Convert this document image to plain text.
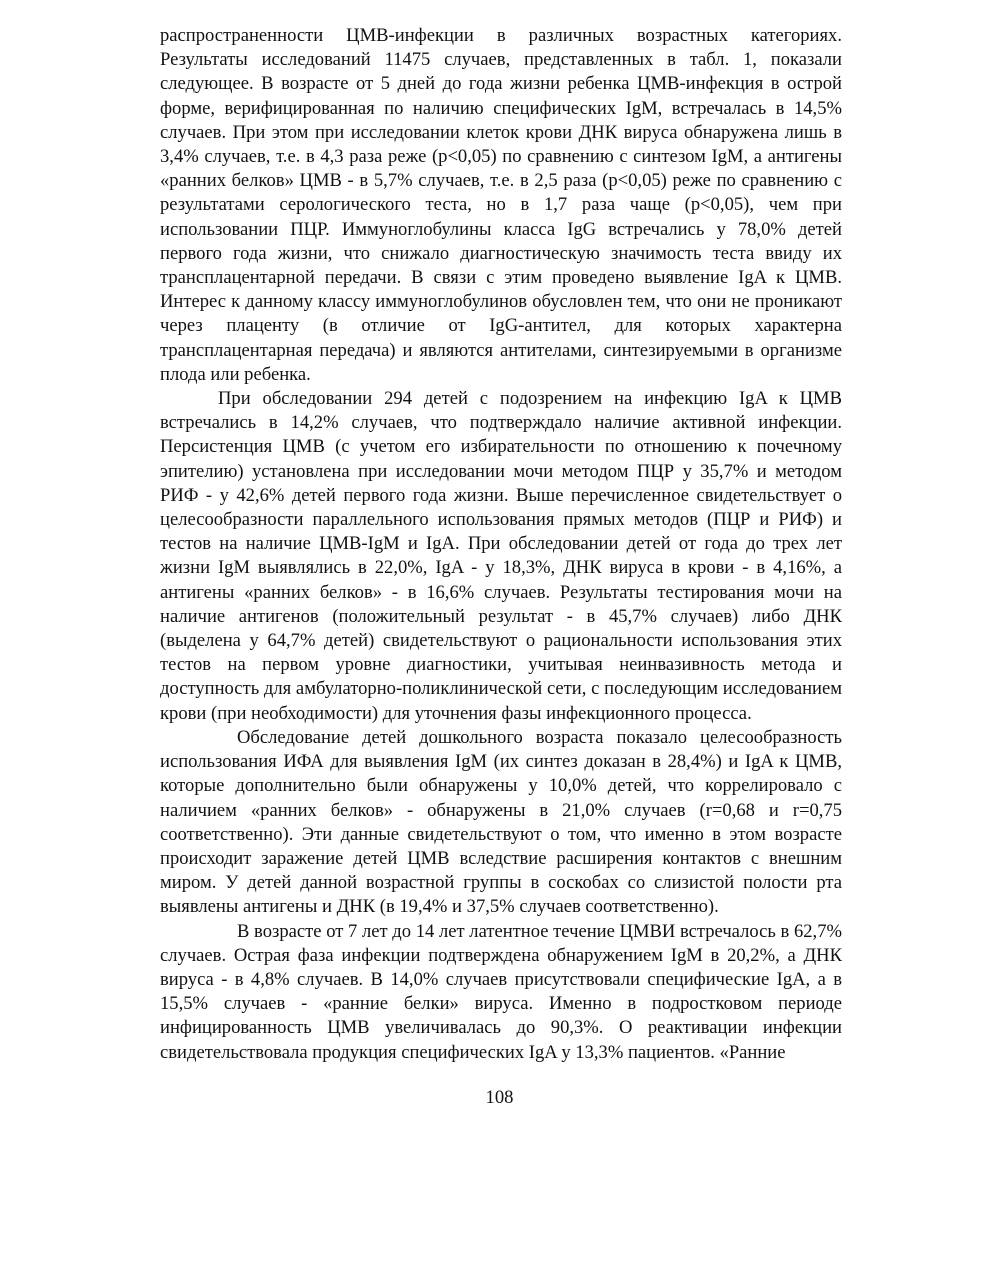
распространенности ЦМВ-инфекции в различных возрастных категориях. Результаты исследований 11475 случаев, представленных в табл. 1, показали следующее. В возрасте от 5 дней до года жизни ребенка ЦМВ-инфекция в острой форме, верифицированная по наличию специфических IgM, встречалась в 14,5% случаев. При этом при исследовании клеток крови ДНК вируса обнаружена лишь в 3,4% случаев, т.е. в 4,3 раза реже (р<0,05) по сравнению с синтезом IgM, а антигены «ранних белков» ЦМВ - в 5,7% случаев, т.е. в 2,5 раза (р<0,05) реже по сравнению с результатами серологического теста, но в 1,7 раза чаще (р<0,05), чем при использовании ПЦР. Иммуноглобулины класса IgG встречались у 78,0% детей первого года жизни, что снижало диагностическую значимость теста ввиду их трансплацентарной передачи. В связи с этим проведено выявление IgA к ЦМВ. Интерес к данному классу иммуноглобулинов обусловлен тем, что они не проникают через плаценту (в отличие от IgG-антител, для которых характерна трансплацентарная передача) и являются антителами, синтезируемыми в организме плода или ребенка.

При обследовании 294 детей с подозрением на инфекцию IgA к ЦМВ встречались в 14,2% случаев, что подтверждало наличие активной инфекции. Персистенция ЦМВ (с учетом его избирательности по отношению к почечному эпителию) установлена при исследовании мочи методом ПЦР у 35,7% и методом РИФ - у 42,6% детей первого года жизни. Выше перечисленное свидетельствует о целесообразности параллельного использования прямых методов (ПЦР и РИФ) и тестов на наличие ЦМВ-IgM и IgA. При обследовании детей от года до трех лет жизни IgM выявлялись в 22,0%, IgA - у 18,3%, ДНК вируса в крови - в 4,16%, а антигены «ранних белков» - в 16,6% случаев. Результаты тестирования мочи на наличие антигенов (положительный результат - в 45,7% случаев) либо ДНК (выделена у 64,7% детей) свидетельствуют о рациональности использования этих тестов на первом уровне диагностики, учитывая неинвазивность метода и доступность для амбулаторно-поликлинической сети, с последующим исследованием крови (при необходимости) для уточнения фазы инфекционного процесса.

Обследование детей дошкольного возраста показало целесообразность использования ИФА для выявления IgM (их синтез доказан в 28,4%) и IgA к ЦМВ, которые дополнительно были обнаружены у 10,0% детей, что коррелировало с наличием «ранних белков» - обнаружены в 21,0% случаев (r=0,68 и r=0,75 соответственно). Эти данные свидетельствуют о том, что именно в этом возрасте происходит заражение детей ЦМВ вследствие расширения контактов с внешним миром. У детей данной возрастной группы в соскобах со слизистой полости рта выявлены антигены и ДНК (в 19,4% и 37,5% случаев соответственно).

В возрасте от 7 лет до 14 лет латентное течение ЦМВИ встречалось в 62,7% случаев. Острая фаза инфекции подтверждена обнаружением IgM в 20,2%, а ДНК вируса - в 4,8% случаев. В 14,0% случаев присутствовали специфические IgA, а в 15,5% случаев - «ранние белки» вируса. Именно в подростковом периоде инфицированность ЦМВ увеличивалась до 90,3%. О реактивации инфекции свидетельствовала продукция специфических IgA у 13,3% пациентов. «Ранние

108
